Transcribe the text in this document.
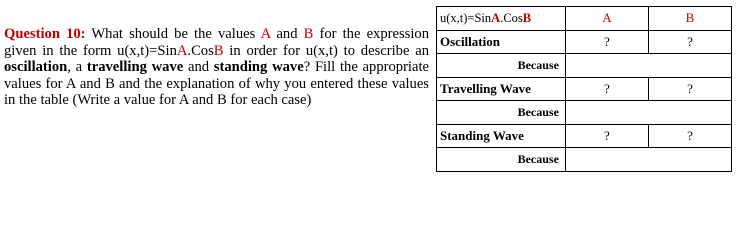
Question 10: What should be the values A and B for the expression given in the form u(x,t)=SinA.CosB in order for u(x,t) to describe an oscillation, a travelling wave and standing wave? Fill the appropriate values for A and B and the explanation of why you entered these values in the table (Write a value for A and B for each case)
u(x,t)=SinA.CosB	A	B
Oscillation	?	?
Because		
Travelling Wave	?	?
Because		
Standing Wave	?	?
Because		
